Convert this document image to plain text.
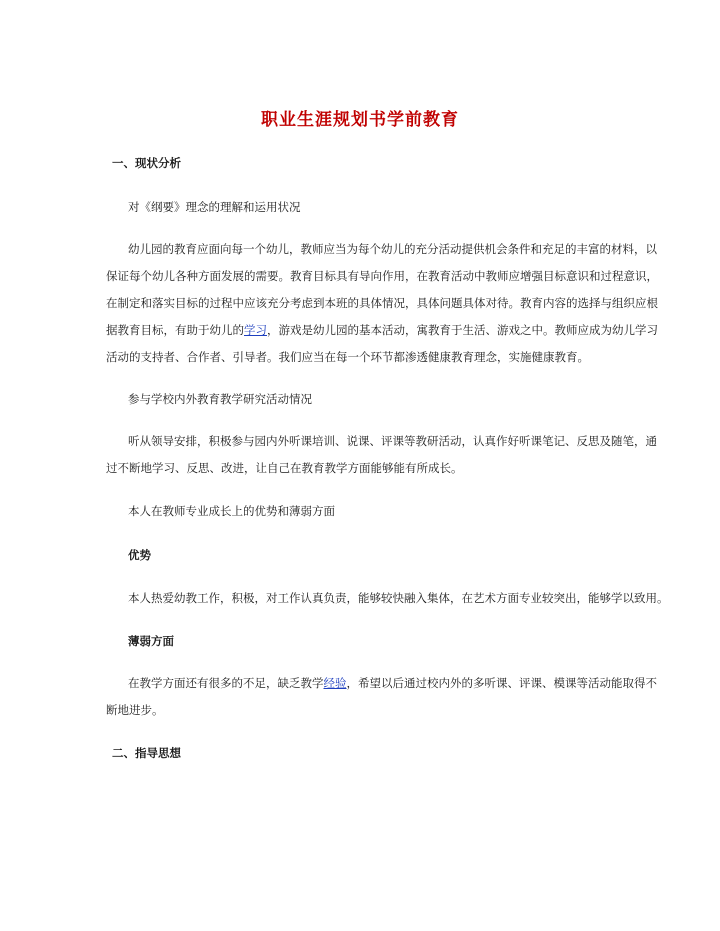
职业生涯规划书学前教育
一、现状分析
对《纲要》理念的理解和运用状况
幼儿园的教育应面向每一个幼儿，教师应当为每个幼儿的充分活动提供机会条件和充足的丰富的材料，以
保证每个幼儿各种方面发展的需要。教育目标具有导向作用，在教育活动中教师应增强目标意识和过程意识，
在制定和落实目标的过程中应该充分考虑到本班的具体情况，具体问题具体对待。教育内容的选择与组织应根
据教育目标，有助于幼儿的学习，游戏是幼儿园的基本活动，寓教育于生活、游戏之中。教师应成为幼儿学习
活动的支持者、合作者、引导者。我们应当在每一个环节都渗透健康教育理念，实施健康教育。
参与学校内外教育教学研究活动情况
听从领导安排，积极参与园内外听课培训、说课、评课等教研活动，认真作好听课笔记、反思及随笔，通
过不断地学习、反思、改进，让自己在教育教学方面能够能有所成长。
本人在教师专业成长上的优势和薄弱方面
优势
本人热爱幼教工作，积极，对工作认真负责，能够较快融入集体，在艺术方面专业较突出，能够学以致用。
薄弱方面
在教学方面还有很多的不足，缺乏教学经验，希望以后通过校内外的多听课、评课、模课等活动能取得不
断地进步。
二、指导思想
